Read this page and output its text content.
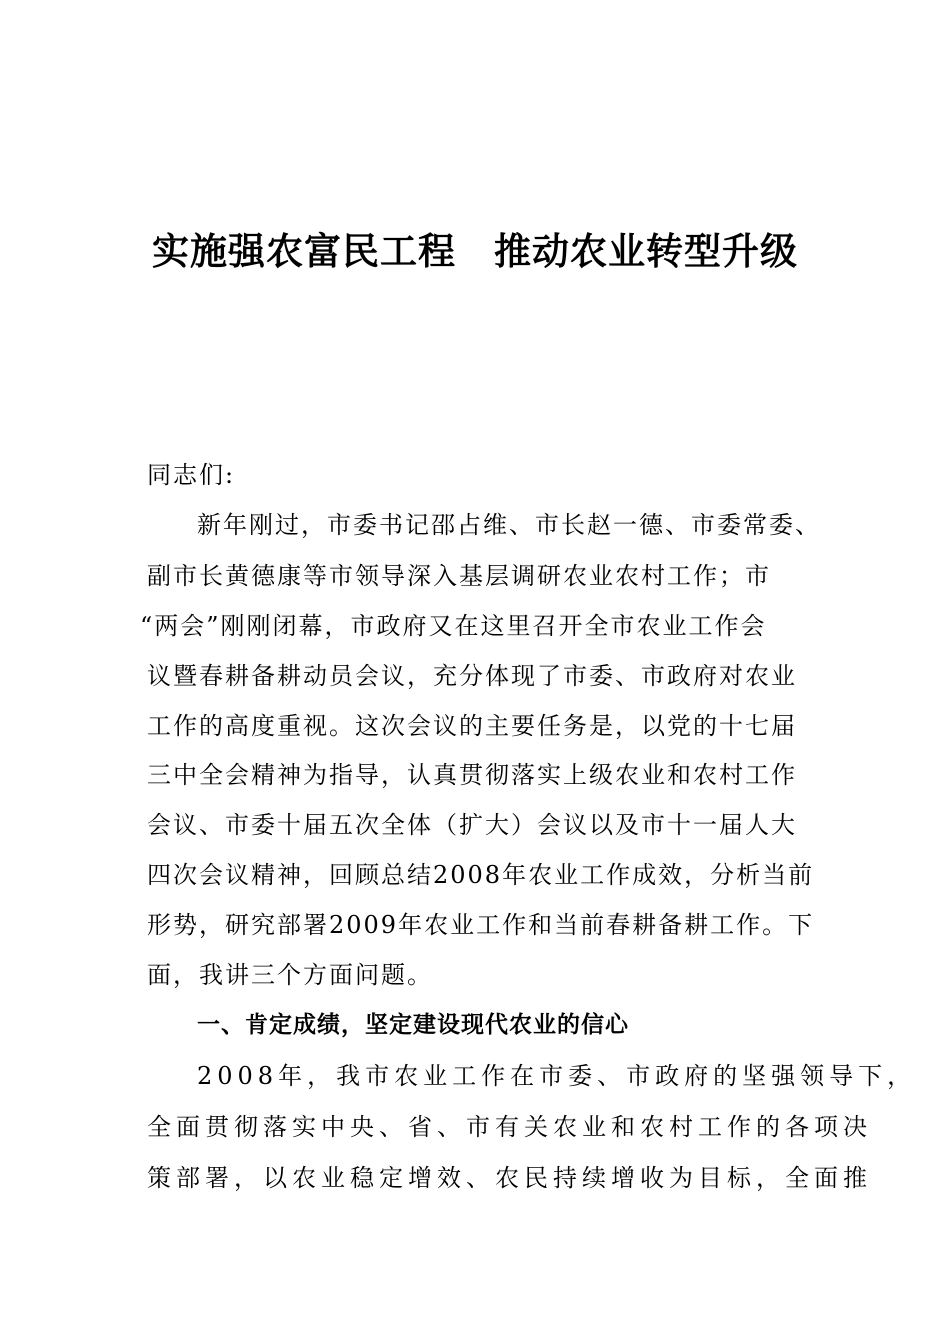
实施强农富民工程　推动农业转型升级
同志们:
新年刚过，市委书记邵占维、市长赵一德、市委常委、
副市长黄德康等市领导深入基层调研农业农村工作；市
“两会”刚刚闭幕，市政府又在这里召开全市农业工作会
议暨春耕备耕动员会议，充分体现了市委、市政府对农业
工作的高度重视。这次会议的主要任务是，以党的十七届
三中全会精神为指导，认真贯彻落实上级农业和农村工作
会议、市委十届五次全体（扩大）会议以及市十一届人大
四次会议精神，回顾总结2008年农业工作成效，分析当前
形势，研究部署2009年农业工作和当前春耕备耕工作。下
面，我讲三个方面问题。
一、肯定成绩，坚定建设现代农业的信心
2008年，我市农业工作在市委、市政府的坚强领导下，
全面贯彻落实中央、省、市有关农业和农村工作的各项决
策部署，以农业稳定增效、农民持续增收为目标，全面推
